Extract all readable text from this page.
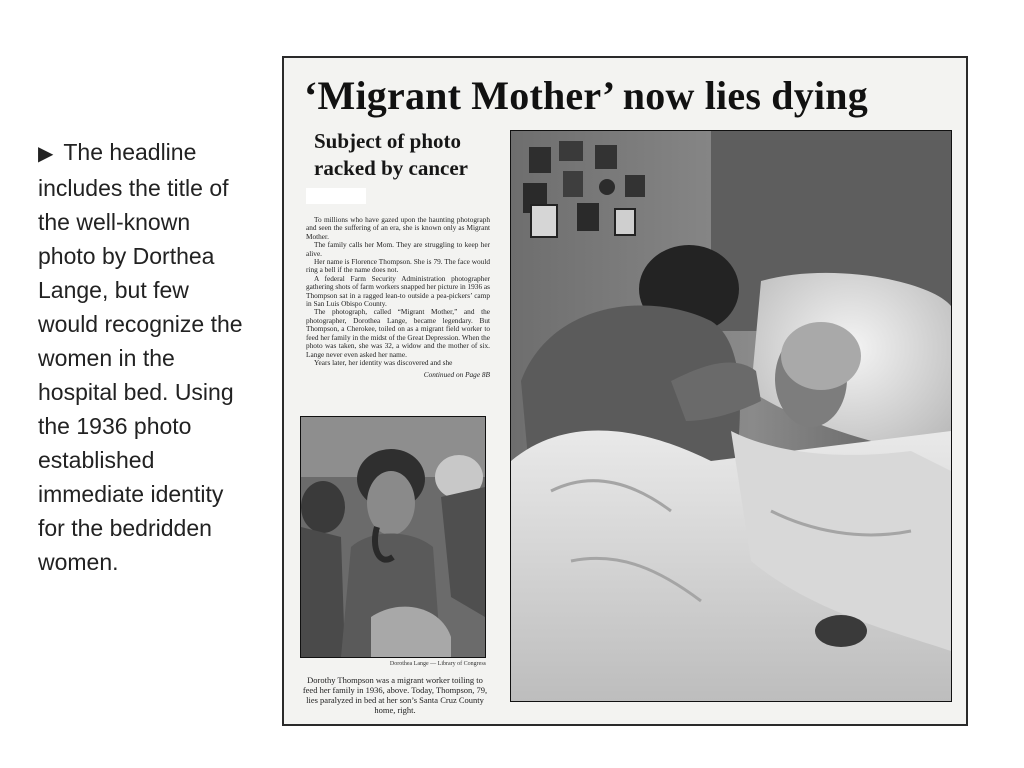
▶ The headline includes the title of the well-known photo by Dorthea Lange, but few would recognize the women in the hospital bed. Using the 1936 photo established immediate identity for the bedridden women.
‘Migrant Mother’ now lies dying
Subject of photo racked by cancer

To millions who have gazed upon the haunting photograph and seen the suffering of an era, she is known only as Migrant Mother.

The family calls her Mom. They are struggling to keep her alive.

Her name is Florence Thompson. She is 79. The face would ring a bell if the name does not.

A federal Farm Security Administration photographer gathering shots of farm workers snapped her picture in 1936 as Thompson sat in a ragged lean-to outside a pea-pickers’ camp in San Luis Obispo County.

The photograph, called “Migrant Mother,” and the photographer, Dorothea Lange, became legendary. But Thompson, a Cherokee, toiled on as a migrant field worker to feed her family in the midst of the Great Depression. When the photo was taken, she was 32, a widow and the mother of six. Lange never even asked her name.

Years later, her identity was discovered and she

Continued on Page 8B

Dorothea Lange — Library of Congress
Dorothy Thompson was a migrant worker toiling to feed her family in 1936, above. Today, Thompson, 79, lies paralyzed in bed at her son’s Santa Cruz County home, right.
